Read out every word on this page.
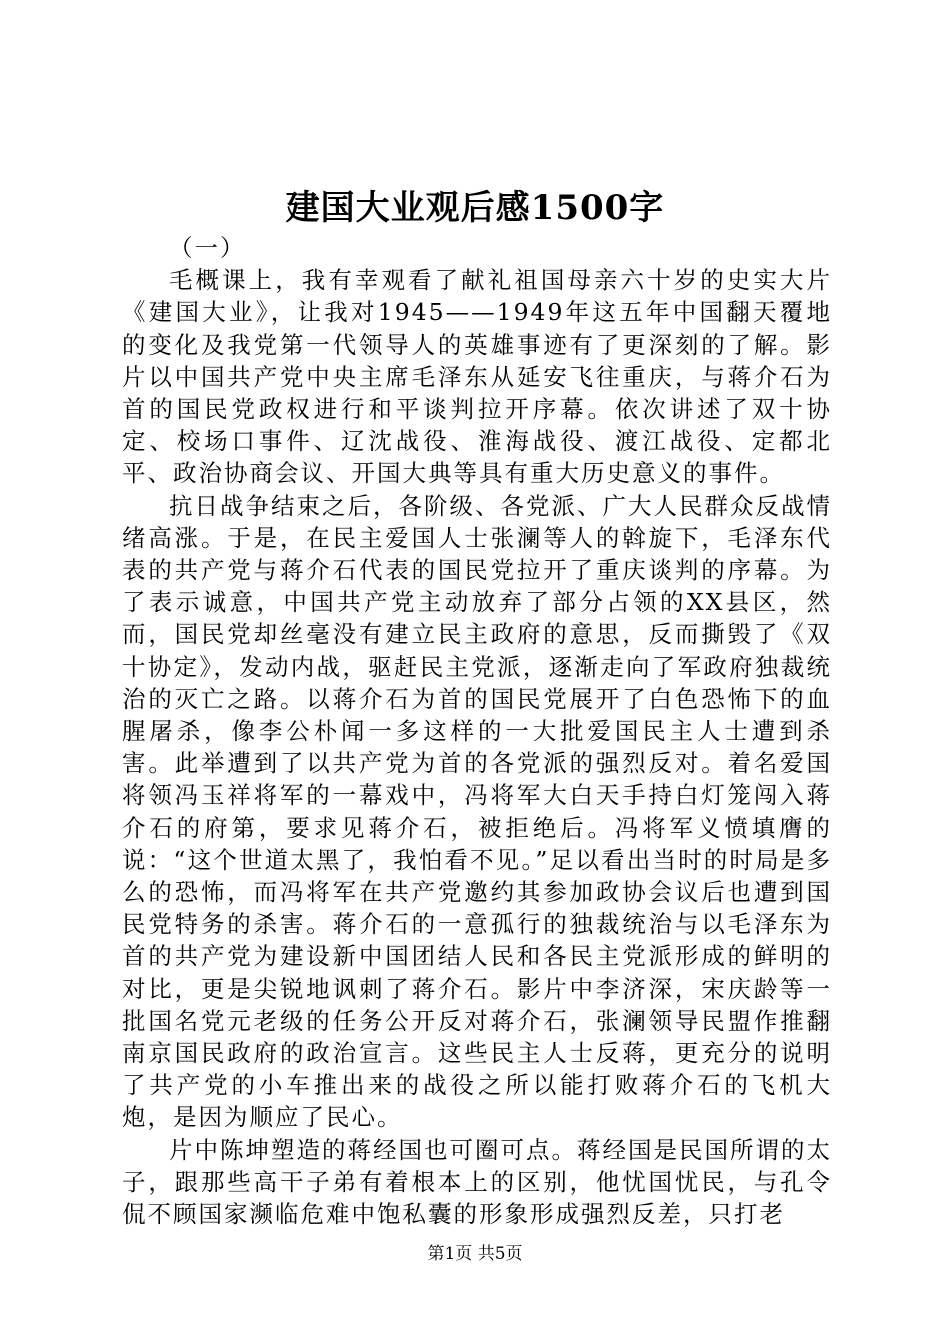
建国大业观后感1500字

（一）

毛概课上，我有幸观看了献礼祖国母亲六十岁的史实大片《建国大业》，让我对1945——1949年这五年中国翻天覆地的变化及我党第一代领导人的英雄事迹有了更深刻的了解。影片以中国共产党中央主席毛泽东从延安飞往重庆，与蒋介石为首的国民党政权进行和平谈判拉开序幕。依次讲述了双十协定、校场口事件、辽沈战役、淮海战役、渡江战役、定都北平、政治协商会议、开国大典等具有重大历史意义的事件。

抗日战争结束之后，各阶级、各党派、广大人民群众反战情绪高涨。于是，在民主爱国人士张澜等人的斡旋下，毛泽东代表的共产党与蒋介石代表的国民党拉开了重庆谈判的序幕。为了表示诚意，中国共产党主动放弃了部分占领的XX县区，然而，国民党却丝毫没有建立民主政府的意思，反而撕毁了《双十协定》，发动内战，驱赶民主党派，逐渐走向了军政府独裁统治的灭亡之路。以蒋介石为首的国民党展开了白色恐怖下的血腥屠杀，像李公朴闻一多这样的一大批爱国民主人士遭到杀害。此举遭到了以共产党为首的各党派的强烈反对。着名爱国将领冯玉祥将军的一幕戏中，冯将军大白天手持白灯笼闯入蒋介石的府第，要求见蒋介石，被拒绝后。冯将军义愤填膺的说：“这个世道太黑了，我怕看不见。”足以看出当时的时局是多么的恐怖，而冯将军在共产党邀约其参加政协会议后也遭到国民党特务的杀害。蒋介石的一意孤行的独裁统治与以毛泽东为首的共产党为建设新中国团结人民和各民主党派形成的鲜明的对比，更是尖锐地讽刺了蒋介石。影片中李济深，宋庆龄等一批国名党元老级的任务公开反对蒋介石，张澜领导民盟作推翻南京国民政府的政治宣言。这些民主人士反蒋，更充分的说明了共产党的小车推出来的战役之所以能打败蒋介石的飞机大炮，是因为顺应了民心。

片中陈坤塑造的蒋经国也可圈可点。蒋经国是民国所谓的太子，跟那些高干子弟有着根本上的区别，他忧国忧民，与孔令侃不顾国家濒临危难中饱私囊的形象形成强烈反差，只打老

第1页 共5页
